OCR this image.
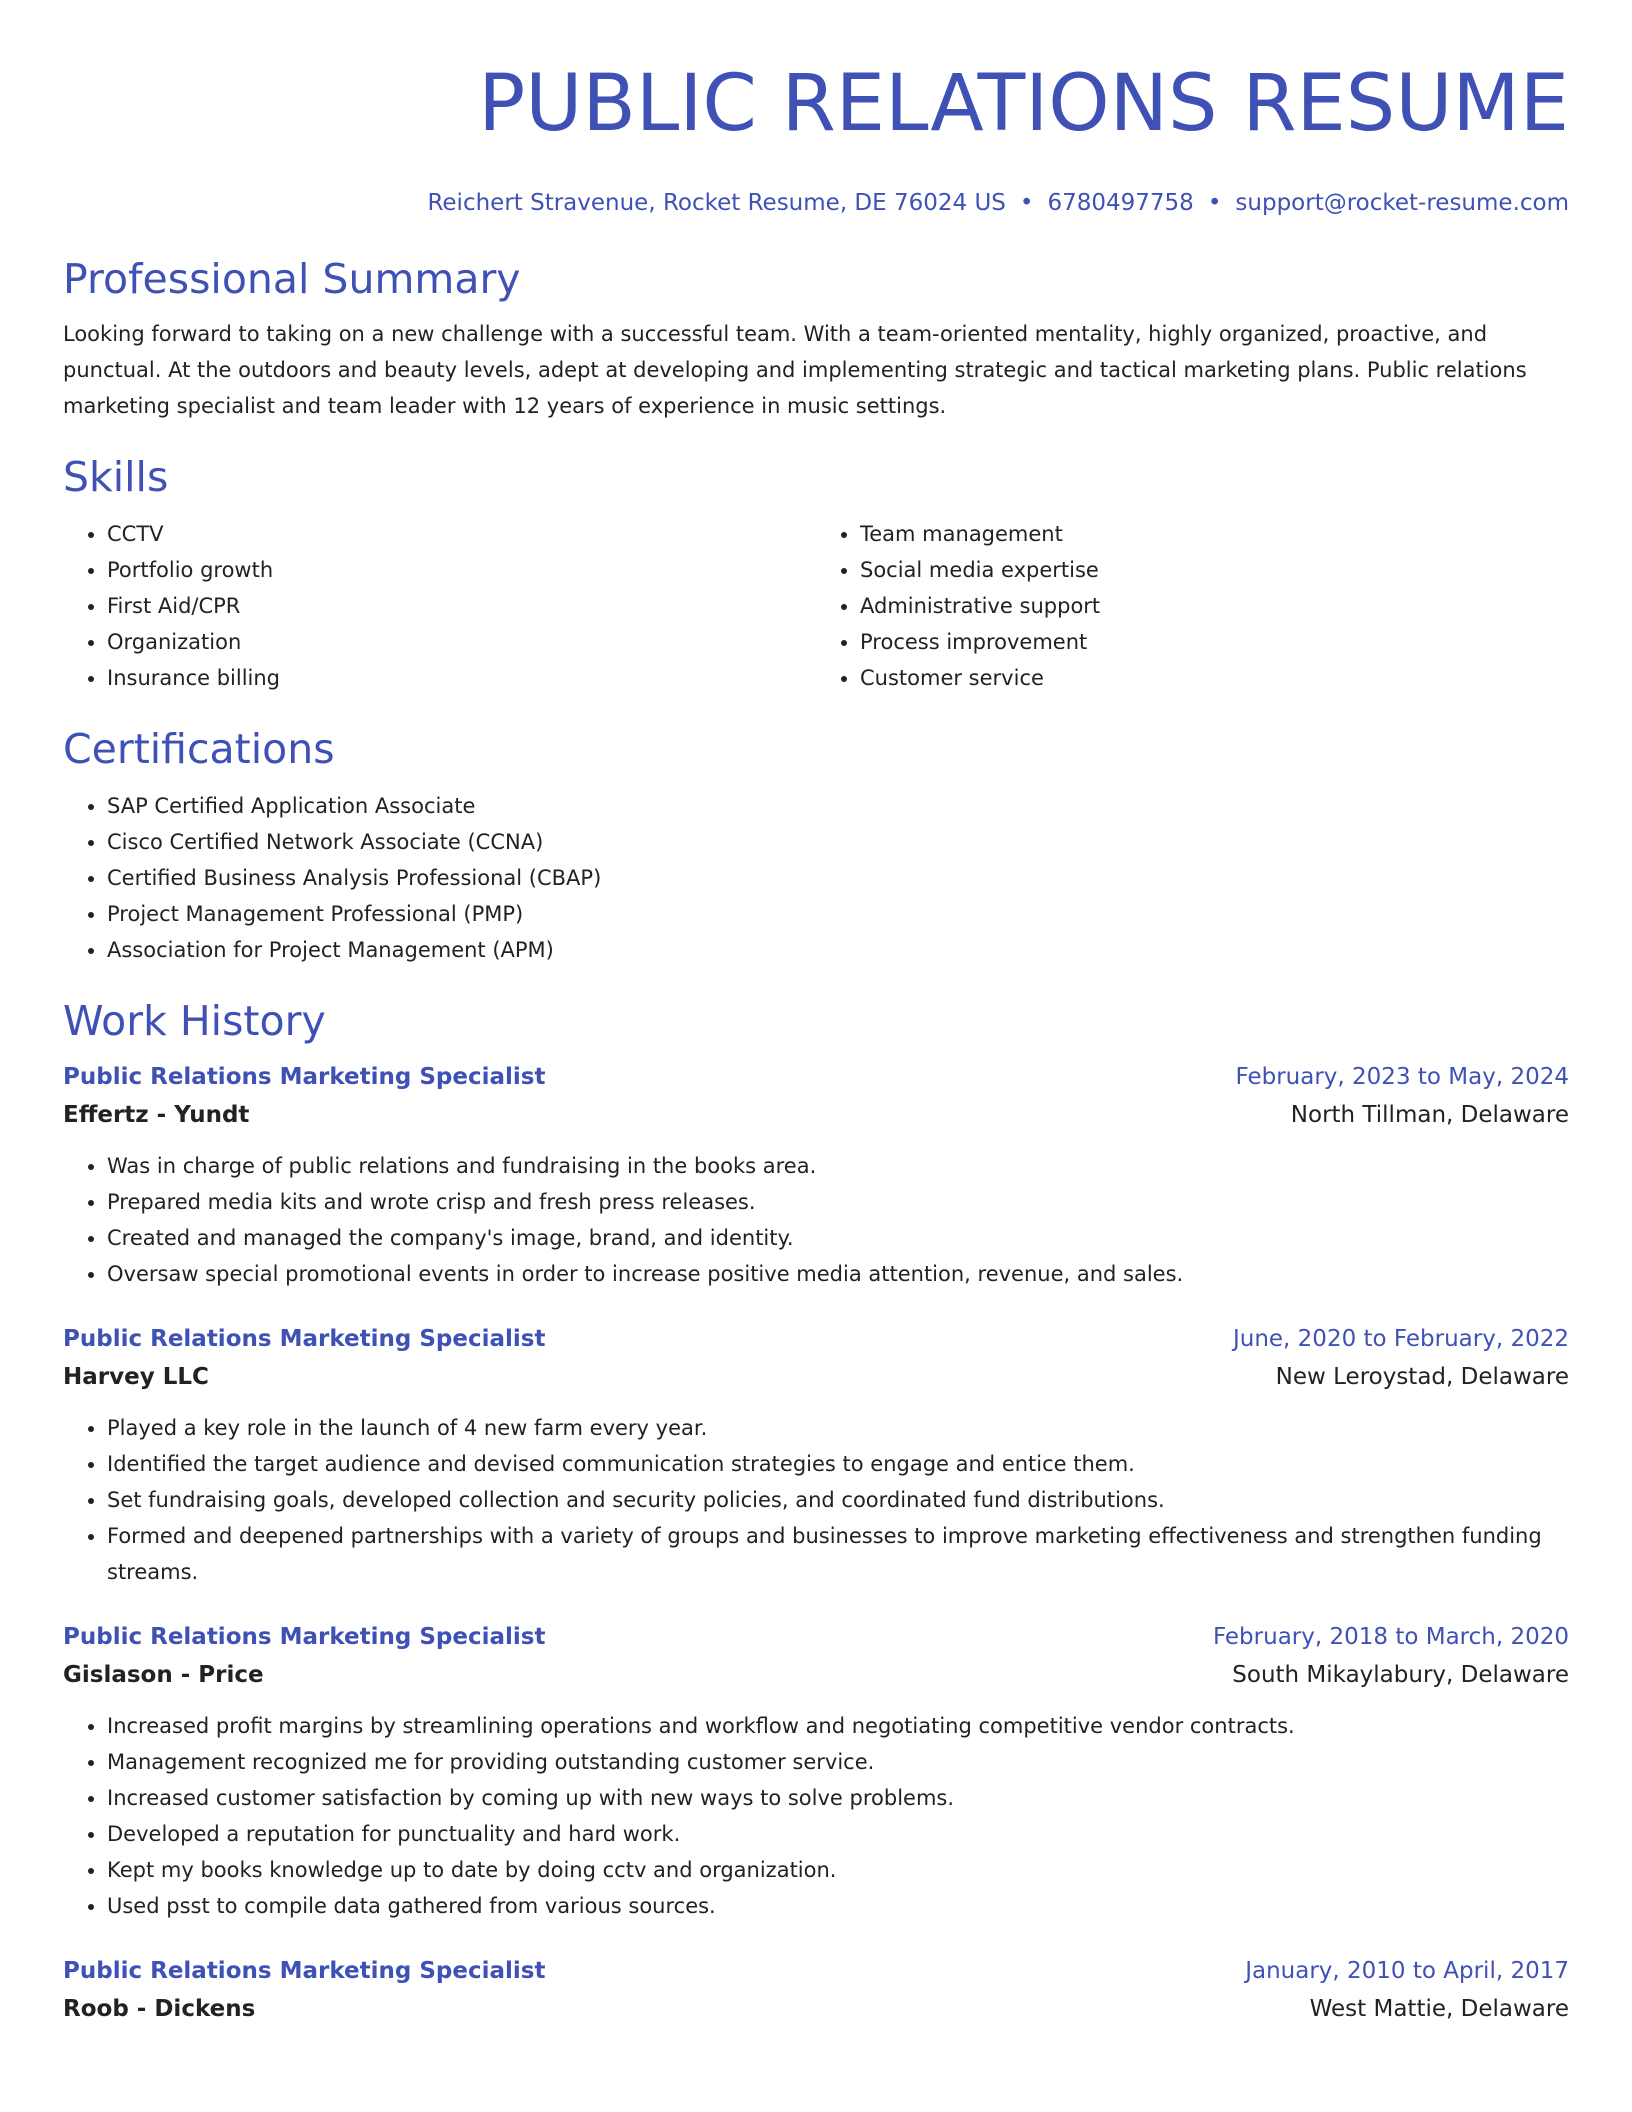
PUBLIC RELATIONS RESUME
Reichert Stravenue, Rocket Resume, DE 76024 US • 6780497758 • support@rocket-resume.com
Professional Summary

Looking forward to taking on a new challenge with a successful team. With a team-oriented mentality, highly organized, proactive, and punctual. At the outdoors and beauty levels, adept at developing and implementing strategic and tactical marketing plans. Public relations marketing specialist and team leader with 12 years of experience in music settings.

Skills
• CCTV
• Portfolio growth
• First Aid/CPR
• Organization
• Insurance billing
• Team management
• Social media expertise
• Administrative support
• Process improvement
• Customer service
Certifications
• SAP Certified Application Associate
• Cisco Certified Network Associate (CCNA)
• Certified Business Analysis Professional (CBAP)
• Project Management Professional (PMP)
• Association for Project Management (APM)
Work History
Public Relations Marketing Specialist	February, 2023 to May, 2024
Effertz - Yundt	North Tillman, Delaware
• Was in charge of public relations and fundraising in the books area.
• Prepared media kits and wrote crisp and fresh press releases.
• Created and managed the company's image, brand, and identity.
• Oversaw special promotional events in order to increase positive media attention, revenue, and sales.
Public Relations Marketing Specialist	June, 2020 to February, 2022
Harvey LLC	New Leroystad, Delaware
• Played a key role in the launch of 4 new farm every year.
• Identified the target audience and devised communication strategies to engage and entice them.
• Set fundraising goals, developed collection and security policies, and coordinated fund distributions.
• Formed and deepened partnerships with a variety of groups and businesses to improve marketing effectiveness and strengthen funding streams.
Public Relations Marketing Specialist	February, 2018 to March, 2020
Gislason - Price	South Mikaylabury, Delaware
• Increased profit margins by streamlining operations and workflow and negotiating competitive vendor contracts.
• Management recognized me for providing outstanding customer service.
• Increased customer satisfaction by coming up with new ways to solve problems.
• Developed a reputation for punctuality and hard work.
• Kept my books knowledge up to date by doing cctv and organization.
• Used psst to compile data gathered from various sources.
Public Relations Marketing Specialist	January, 2010 to April, 2017
Roob - Dickens	West Mattie, Delaware
